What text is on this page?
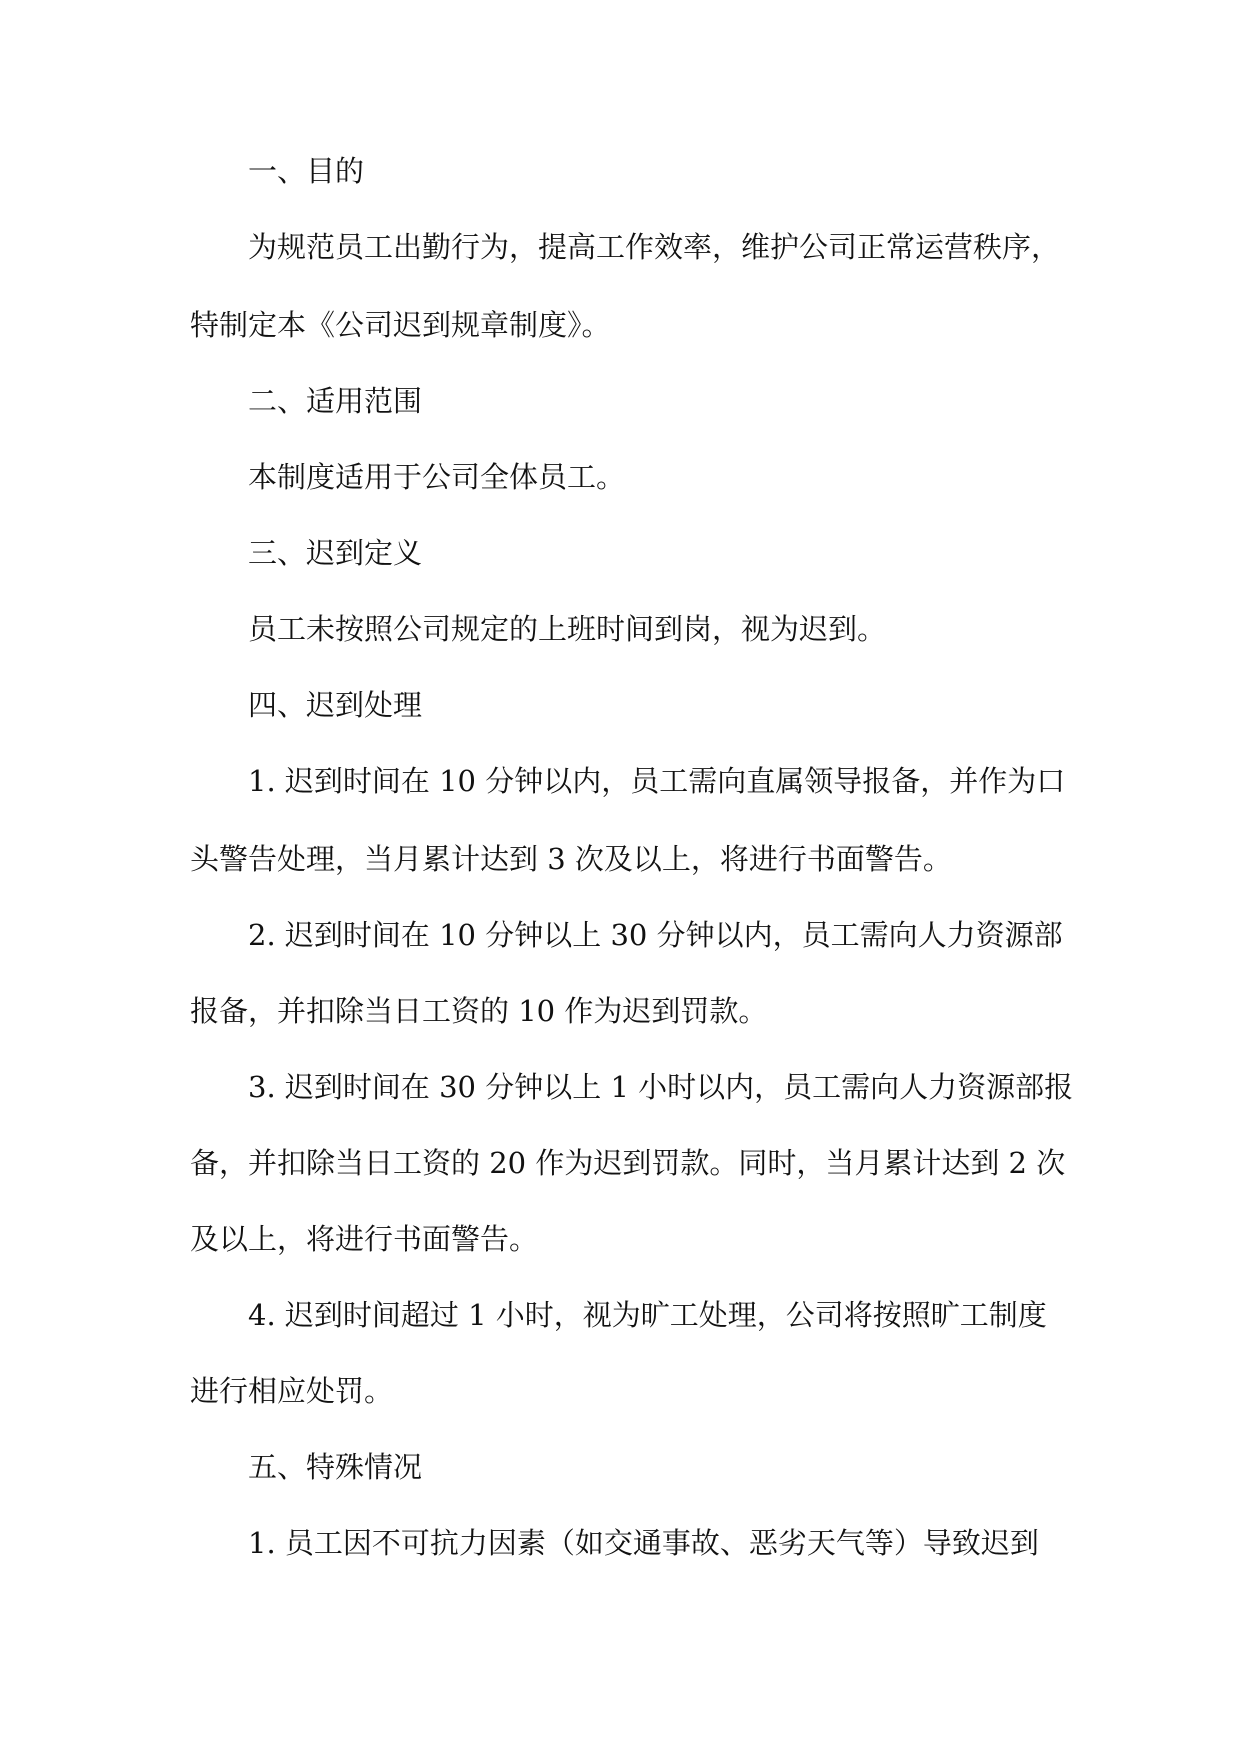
一、目的
为规范员工出勤行为，提高工作效率，维护公司正常运营秩序，
特制定本《公司迟到规章制度》。
二、适用范围
本制度适用于公司全体员工。
三、迟到定义
员工未按照公司规定的上班时间到岗，视为迟到。
四、迟到处理
1. 迟到时间在 10 分钟以内，员工需向直属领导报备，并作为口
头警告处理，当月累计达到 3 次及以上，将进行书面警告。
2. 迟到时间在 10 分钟以上 30 分钟以内，员工需向人力资源部
报备，并扣除当日工资的 10 作为迟到罚款。
3. 迟到时间在 30 分钟以上 1 小时以内，员工需向人力资源部报
备，并扣除当日工资的 20 作为迟到罚款。同时，当月累计达到 2 次
及以上，将进行书面警告。
4. 迟到时间超过 1 小时，视为旷工处理，公司将按照旷工制度
进行相应处罚。
五、特殊情况
1. 员工因不可抗力因素（如交通事故、恶劣天气等）导致迟到
